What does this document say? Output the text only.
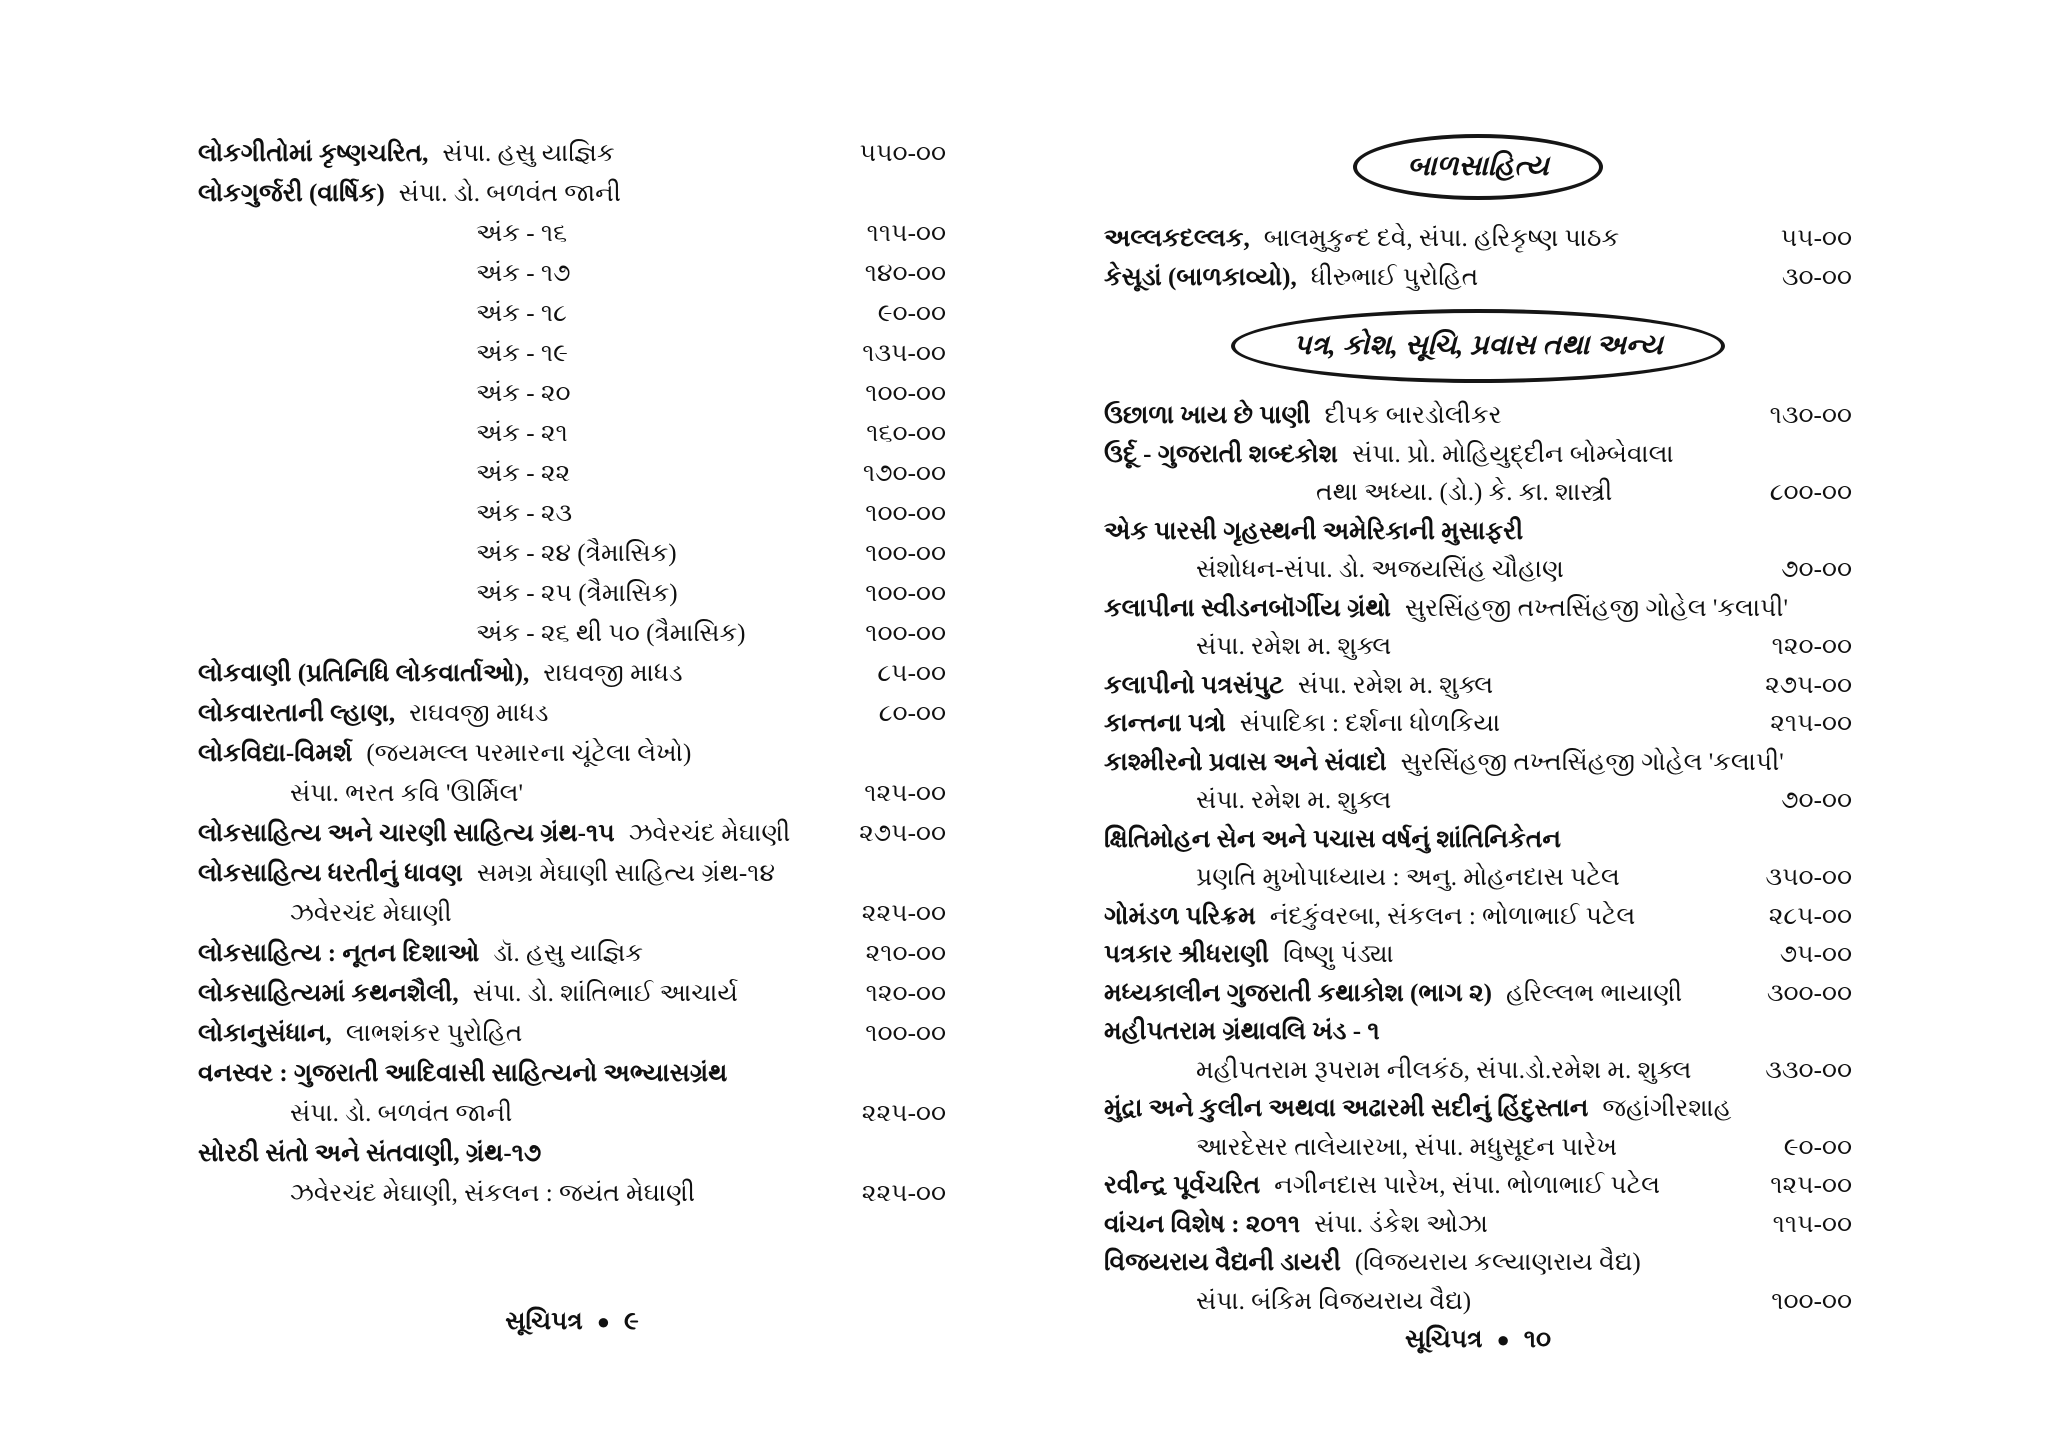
લોકગીતોમાં કૃષ્ણચરિત, સંપા. હસુ યાજ્ઞિક	૫૫૦-૦૦
લોકગુર્જરી (વાર્ષિક) સંપા. ડો. બળવંત જાની
અંક - ૧૬	૧૧૫-૦૦
અંક - ૧૭	૧૪૦-૦૦
અંક - ૧૮	૯૦-૦૦
અંક - ૧૯	૧૩૫-૦૦
અંક - ૨૦	૧૦૦-૦૦
અંક - ૨૧	૧૬૦-૦૦
અંક - ૨૨	૧૭૦-૦૦
અંક - ૨૩	૧૦૦-૦૦
અંક - ૨૪ (ત્રૈમાસિક)	૧૦૦-૦૦
અંક - ૨૫ (ત્રૈમાસિક)	૧૦૦-૦૦
અંક - ૨૬ થી ૫૦ (ત્રૈમાસિક)	૧૦૦-૦૦
લોકવાણી (પ્રતિનિધિ લોકવાર્તાઓ), રાઘવજી માધડ	૮૫-૦૦
લોકવારતાની લ્હાણ, રાઘવજી માધડ	૮૦-૦૦
લોકવિદ્યા-વિમર્શ (જયમલ્લ પરમારના ચૂંટેલા લેખો)
સંપા. ભરત કવિ 'ઊર્મિલ'	૧૨૫-૦૦
લોકસાહિત્ય અને ચારણી સાહિત્ય ગ્રંથ-૧૫ ઝવેરચંદ મેઘાણી	૨૭૫-૦૦
લોકસાહિત્ય ધરતીનું ધાવણ સમગ્ર મેઘાણી સાહિત્ય ગ્રંથ-૧૪
ઝવેરચંદ મેઘાણી	૨૨૫-૦૦
લોકસાહિત્ય : નૂતન દિશાઓ ડૉ. હસુ યાજ્ઞિક	૨૧૦-૦૦
લોકસાહિત્યમાં કથનશૈલી, સંપા. ડો. શાંતિભાઈ આચાર્ય	૧૨૦-૦૦
લોકાનુસંધાન, લાભશંકર પુરોહિત	૧૦૦-૦૦
વનસ્વર : ગુજરાતી આદિવાસી સાહિત્યનો અભ્યાસગ્રંથ
સંપા. ડો. બળવંત જાની	૨૨૫-૦૦
સોરઠી સંતો અને સંતવાણી, ગ્રંથ-૧૭
ઝવેરચંદ મેઘાણી, સંકલન : જયંત મેઘાણી	૨૨૫-૦૦
બાળસાહિત્ય
અલ્લકદલ્લક, બાલમુકુન્દ દવે, સંપા. હરિકૃષ્ણ પાઠક	૫૫-૦૦
કેસૂડાં (બાળકાવ્યો), ધીરુભાઈ પુરોહિત	૩૦-૦૦
પત્ર, કોશ, સૂચિ, પ્રવાસ તથા અન્ય
ઉછાળા ખાય છે પાણી દીપક બારડોલીકર	૧૩૦-૦૦
ઉર્દૂ - ગુજરાતી શબ્દકોશ સંપા. પ્રો. મોહિયુદ્દીન બોમ્બેવાલા
તથા અધ્યા. (ડો.) કે. કા. શાસ્ત્રી	૮૦૦-૦૦
એક પારસી ગૃહસ્થની અમેરિકાની મુસાફરી
સંશોધન-સંપા. ડો. અજયસિંહ ચૌહાણ	૭૦-૦૦
કલાપીના સ્વીડનબૉર્ગીય ગ્રંથો સુરસિંહજી તખ્તસિંહજી ગોહેલ 'કલાપી'
સંપા. રમેશ મ. શુક્લ	૧૨૦-૦૦
કલાપીનો પત્રસંપુટ સંપા. રમેશ મ. શુક્લ	૨૭૫-૦૦
કાન્તના પત્રો સંપાદિકા : દર્શના ધોળકિયા	૨૧૫-૦૦
કાશ્મીરનો પ્રવાસ અને સંવાદો સુરસિંહજી તખ્તસિંહજી ગોહેલ 'કલાપી'
સંપા. રમેશ મ. શુક્લ	૭૦-૦૦
ક્ષિતિમોહન સેન અને પચાસ વર્ષનું શાંતિનિકેતન
પ્રણતિ મુખોપાધ્યાય : અનુ. મોહનદાસ પટેલ	૩૫૦-૦૦
ગોમંડળ પરિક્રમ નંદકુંવરબા, સંકલન : ભોળાભાઈ પટેલ	૨૮૫-૦૦
પત્રકાર શ્રીધરાણી વિષ્ણુ પંડ્યા	૭૫-૦૦
મધ્યકાલીન ગુજરાતી કથાકોશ (ભાગ ૨) હરિલ્લભ ભાયાણી	૩૦૦-૦૦
મહીપતરામ ગ્રંથાવલિ ખંડ - ૧
મહીપતરામ રૂપરામ નીલકંઠ, સંપા.ડો.રમેશ મ. શુક્લ	૩૩૦-૦૦
મુંદ્રા અને કુલીન અથવા અઢારમી સદીનું હિંદુસ્તાન જહાંગીરશાહ
આરદેસર તાલેયારખા, સંપા. મધુસૂદન પારેખ	૯૦-૦૦
રવીન્દ્ર પૂર્વચરિત નગીનદાસ પારેખ, સંપા. ભોળાભાઈ પટેલ	૧૨૫-૦૦
વાંચન વિશેષ : ૨૦૧૧ સંપા. ડંકેશ ઓઝા	૧૧૫-૦૦
વિજયરાય વૈદ્યની ડાયરી (વિજયરાય કલ્યાણરાય વૈદ્ય)
સંપા. બંકિમ વિજયરાય વૈદ્ય)	૧૦૦-૦૦
સૂચિપત્ર ● ૯
સૂચિપત્ર ● ૧૦
